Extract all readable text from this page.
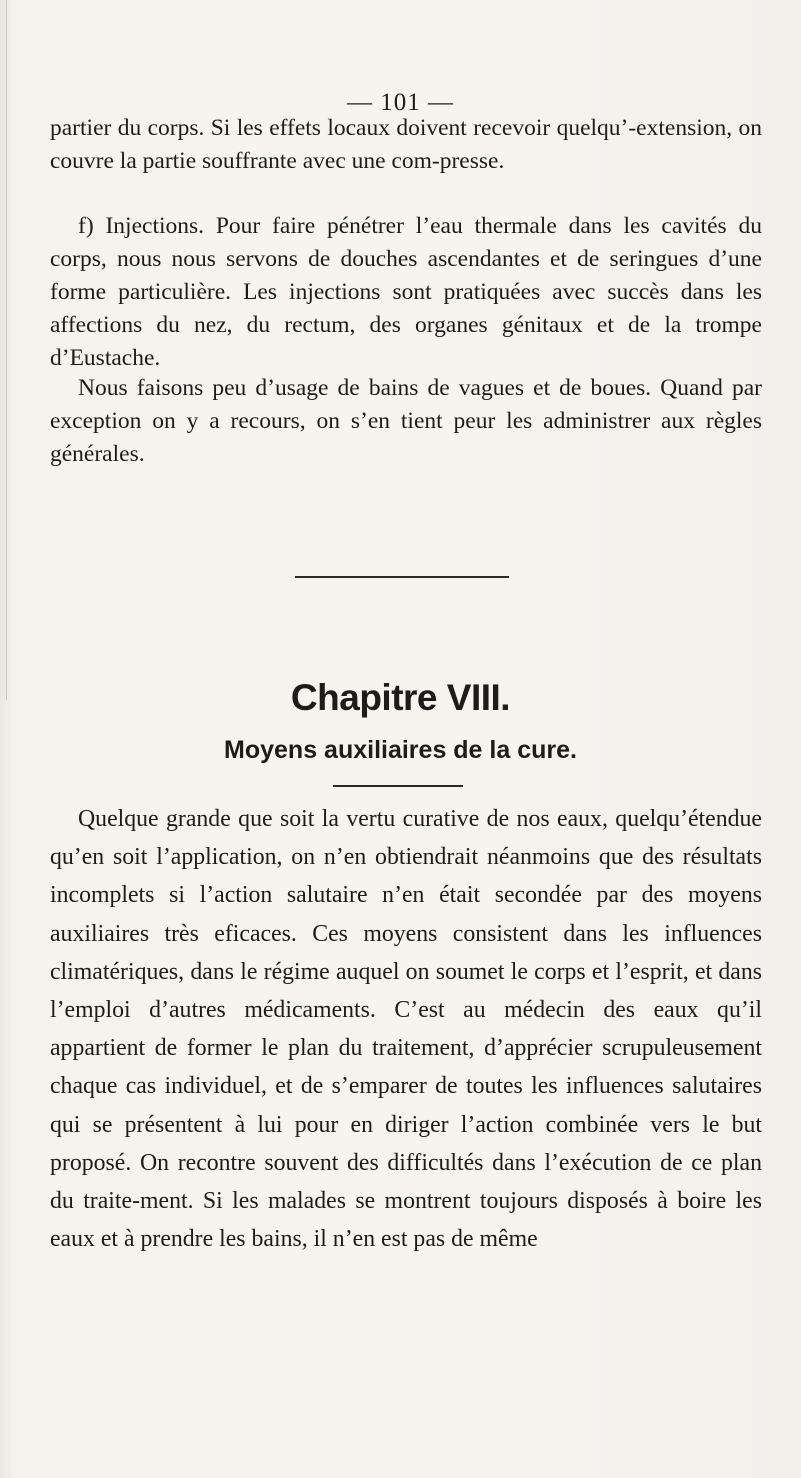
— 101 —

partier du corps. Si les effets locaux doivent recevoir quelqu’-extension, on couvre la partie souffrante avec une com-presse.

f) Injections. Pour faire pénétrer l’eau thermale dans les cavités du corps, nous nous servons de douches ascendantes et de seringues d’une forme particulière. Les injections sont pratiquées avec succès dans les affections du nez, du rectum, des organes génitaux et de la trompe d’Eustache.

Nous faisons peu d’usage de bains de vagues et de boues. Quand par exception on y a recours, on s’en tient peur les administrer aux règles générales.

Chapitre VIII.
Moyens auxiliaires de la cure.

Quelque grande que soit la vertu curative de nos eaux, quelqu’étendue qu’en soit l’application, on n’en obtiendrait néanmoins que des résultats incomplets si l’action salutaire n’en était secondée par des moyens auxiliaires très eficaces. Ces moyens consistent dans les influences climatériques, dans le régime auquel on soumet le corps et l’esprit, et dans l’emploi d’autres médicaments. C’est au médecin des eaux qu’il appartient de former le plan du traitement, d’apprécier scrupuleusement chaque cas individuel, et de s’emparer de toutes les influences salutaires qui se présentent à lui pour en diriger l’action combinée vers le but proposé. On recontre souvent des difficultés dans l’exécution de ce plan du traite-ment. Si les malades se montrent toujours disposés à boire les eaux et à prendre les bains, il n’en est pas de même
